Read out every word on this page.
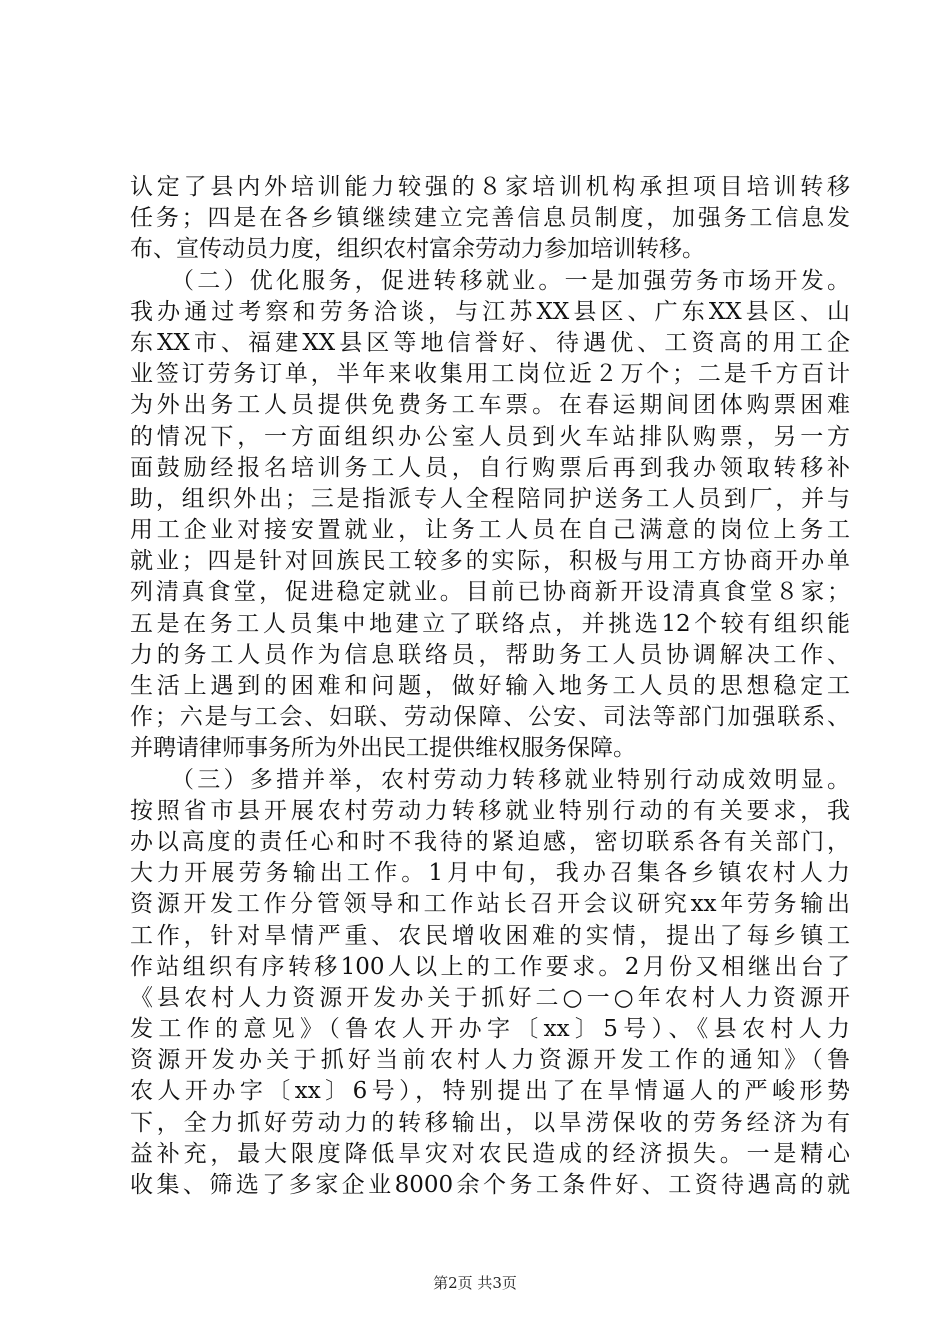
认定了县内外培训能力较强的８家培训机构承担项目培训转移
任务；四是在各乡镇继续建立完善信息员制度，加强务工信息发
布、宣传动员力度，组织农村富余劳动力参加培训转移。
　　（二）优化服务，促进转移就业。一是加强劳务市场开发。
我办通过考察和劳务洽谈，与江苏XX县区、广东XX县区、山
东XX市、福建XX县区等地信誉好、待遇优、工资高的用工企
业签订劳务订单，半年来收集用工岗位近２万个；二是千方百计
为外出务工人员提供免费务工车票。在春运期间团体购票困难
的情况下，一方面组织办公室人员到火车站排队购票，另一方
面鼓励经报名培训务工人员，自行购票后再到我办领取转移补
助，组织外出；三是指派专人全程陪同护送务工人员到厂，并与
用工企业对接安置就业，让务工人员在自己满意的岗位上务工
就业；四是针对回族民工较多的实际，积极与用工方协商开办单
列清真食堂，促进稳定就业。目前已协商新开设清真食堂８家；
五是在务工人员集中地建立了联络点，并挑选12个较有组织能
力的务工人员作为信息联络员，帮助务工人员协调解决工作、
生活上遇到的困难和问题，做好输入地务工人员的思想稳定工
作；六是与工会、妇联、劳动保障、公安、司法等部门加强联系、
并聘请律师事务所为外出民工提供维权服务保障。
　　（三）多措并举，农村劳动力转移就业特别行动成效明显。
按照省市县开展农村劳动力转移就业特别行动的有关要求，我
办以高度的责任心和时不我待的紧迫感，密切联系各有关部门，
大力开展劳务输出工作。1月中旬，我办召集各乡镇农村人力
资源开发工作分管领导和工作站长召开会议研究xx年劳务输出
工作，针对旱情严重、农民增收困难的实情，提出了每乡镇工
作站组织有序转移100人以上的工作要求。2月份又相继出台了
《县农村人力资源开发办关于抓好二○一○年农村人力资源开
发工作的意见》（鲁农人开办字〔xx〕5号）、《县农村人力
资源开发办关于抓好当前农村人力资源开发工作的通知》（鲁
农人开办字〔xx〕6号），特别提出了在旱情逼人的严峻形势
下，全力抓好劳动力的转移输出，以旱涝保收的劳务经济为有
益补充，最大限度降低旱灾对农民造成的经济损失。一是精心
收集、筛选了多家企业8000余个务工条件好、工资待遇高的就
第2页 共3页
